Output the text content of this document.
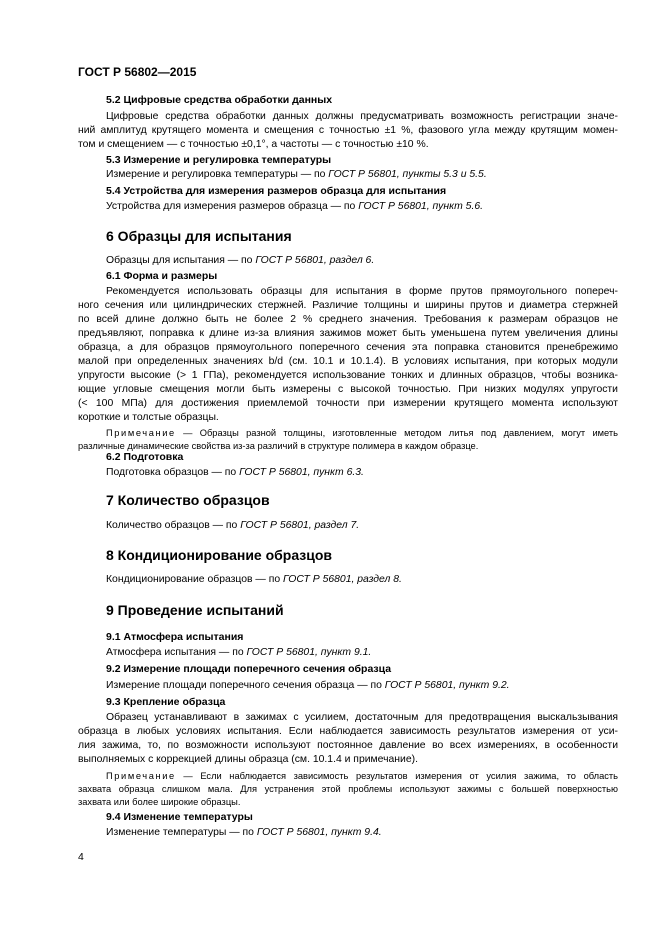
ГОСТ Р 56802—2015
5.2 Цифровые средства обработки данных
Цифровые средства обработки данных должны предусматривать возможность регистрации значе-
ний амплитуд крутящего момента и смещения с точностью ±1 %, фазового угла между крутящим момен-
том и смещением — с точностью ±0,1°, а частоты — с точностью ±10 %.
5.3 Измерение и регулировка температуры
Измерение и регулировка температуры — по ГОСТ Р 56801, пункты 5.3 и 5.5.
5.4 Устройства для измерения размеров образца для испытания
Устройства для измерения размеров образца — по ГОСТ Р 56801, пункт 5.6.
6 Образцы для испытания
Образцы для испытания — по ГОСТ Р 56801, раздел 6.
6.1 Форма и размеры
Рекомендуется использовать образцы для испытания в форме прутов прямоугольного попереч-
ного сечения или цилиндрических стержней. Различие толщины и ширины прутов и диаметра стержней
по всей длине должно быть не более 2 % среднего значения. Требования к размерам образцов не
предъявляют, поправка к длине из-за влияния зажимов может быть уменьшена путем увеличения длины
образца, а для образцов прямоугольного поперечного сечения эта поправка становится пренебрежимо
малой при определенных значениях b/d (см. 10.1 и 10.1.4). В условиях испытания, при которых модули
упругости высокие (> 1 ГПа), рекомендуется использование тонких и длинных образцов, чтобы возника-
ющие угловые смещения могли быть измерены с высокой точностью. При низких модулях упругости
(< 100 МПа) для достижения приемлемой точности при измерении крутящего момента используют
короткие и толстые образцы.
Примечание — Образцы разной толщины, изготовленные методом литья под давлением, могут иметь
различные динамические свойства из-за различий в структуре полимера в каждом образце.
6.2 Подготовка
Подготовка образцов — по ГОСТ Р 56801, пункт 6.3.
7 Количество образцов
Количество образцов — по ГОСТ Р 56801, раздел 7.
8 Кондиционирование образцов
Кондиционирование образцов — по ГОСТ Р 56801, раздел 8.
9 Проведение испытаний
9.1 Атмосфера испытания
Атмосфера испытания — по ГОСТ Р 56801, пункт 9.1.
9.2 Измерение площади поперечного сечения образца
Измерение площади поперечного сечения образца — по ГОСТ Р 56801, пункт 9.2.
9.3 Крепление образца
Образец устанавливают в зажимах с усилием, достаточным для предотвращения выскальзывания
образца в любых условиях испытания. Если наблюдается зависимость результатов измерения от уси-
лия зажима, то, по возможности используют постоянное давление во всех измерениях, в особенности
выполняемых с коррекцией длины образца (см. 10.1.4 и примечание).
Примечание — Если наблюдается зависимость результатов измерения от усилия зажима, то область
захвата образца слишком мала. Для устранения этой проблемы используют зажимы с большей поверхностью
захвата или более широкие образцы.
9.4 Изменение температуры
Изменение температуры — по ГОСТ Р 56801, пункт 9.4.
4
